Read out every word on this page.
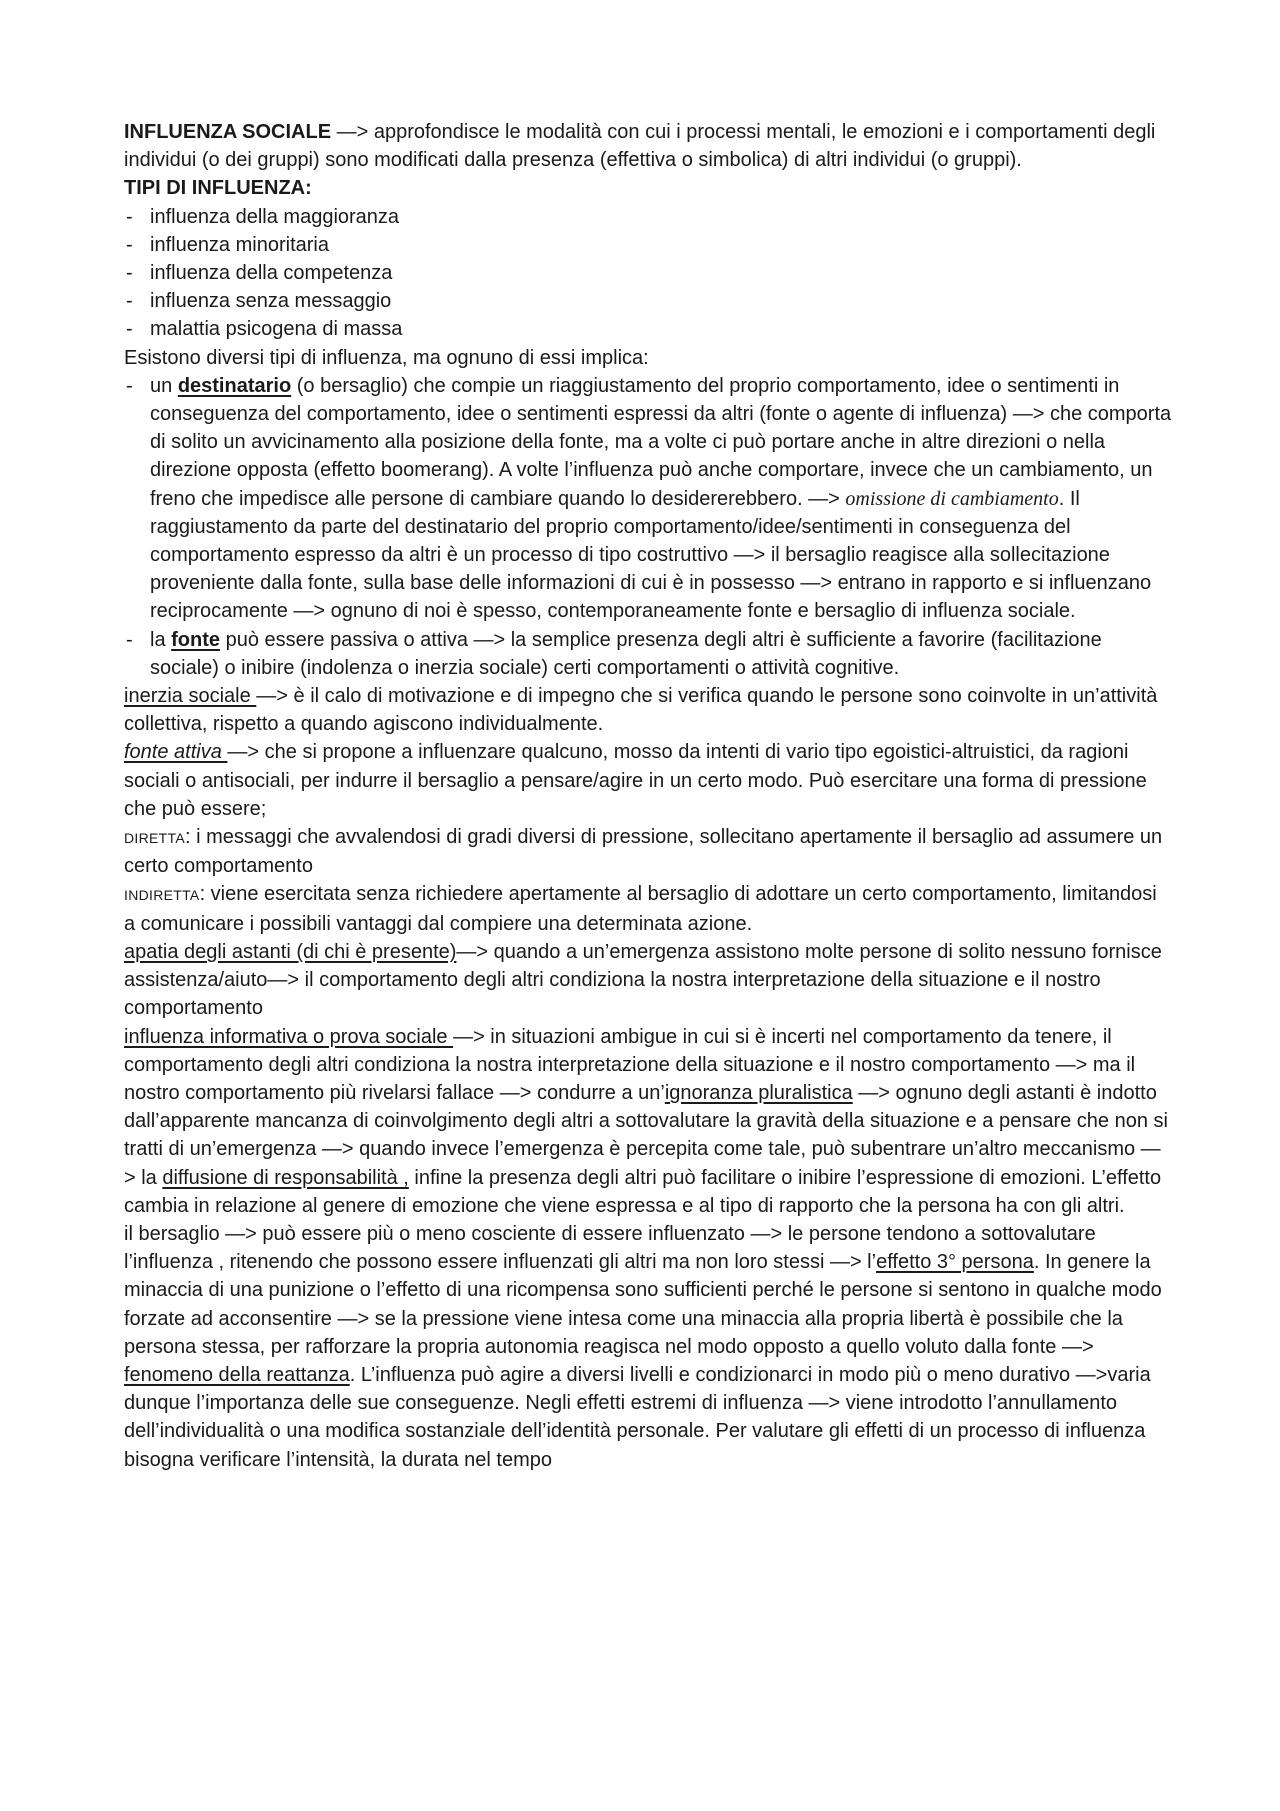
INFLUENZA SOCIALE —> approfondisce le modalità con cui i processi mentali, le emozioni e i comportamenti degli individui (o dei gruppi) sono modificati dalla presenza (effettiva o simbolica) di altri individui (o gruppi).

TIPI DI INFLUENZA:

- influenza della maggioranza
- influenza minoritaria
- influenza della competenza
- influenza senza messaggio
- malattia psicogena di massa

Esistono diversi tipi di influenza, ma ognuno di essi implica:

- un destinatario (o bersaglio) che compie un riaggiustamento del proprio comportamento, idee o sentimenti in conseguenza del comportamento, idee o sentimenti espressi da altri (fonte o agente di influenza) —> che comporta di solito un avvicinamento alla posizione della fonte, ma a volte ci può portare anche in altre direzioni o nella direzione opposta (effetto boomerang). A volte l’influenza può anche comportare, invece che un cambiamento, un freno che impedisce alle persone di cambiare quando lo desidererebbero. —> omissione di cambiamento. Il raggiustamento da parte del destinatario del proprio comportamento/idee/sentimenti in conseguenza del comportamento espresso da altri è un processo di tipo costruttivo —> il bersaglio reagisce alla sollecitazione proveniente dalla fonte, sulla base delle informazioni di cui è in possesso —> entrano in rapporto e si influenzano reciprocamente —> ognuno di noi è spesso, contemporaneamente fonte e bersaglio di influenza sociale.
- la fonte può essere passiva o attiva —> la semplice presenza degli altri è sufficiente a favorire (facilitazione sociale) o inibire (indolenza o inerzia sociale) certi comportamenti o attività cognitive.

inerzia sociale —> è il calo di motivazione e di impegno che si verifica quando le persone sono coinvolte in un’attività collettiva, rispetto a quando agiscono individualmente.

fonte attiva —> che si propone a influenzare qualcuno, mosso da intenti di vario tipo egoistici-altruistici, da ragioni sociali o antisociali, per indurre il bersaglio a pensare/agire in un certo modo. Può esercitare una forma di pressione che può essere;

DIRETTA: i messaggi che avvalendosi di gradi diversi di pressione, sollecitano apertamente il bersaglio ad assumere un certo comportamento

INDIRETTA: viene esercitata senza richiedere apertamente al bersaglio di adottare un certo comportamento, limitandosi a comunicare i possibili vantaggi dal compiere una determinata azione.

apatia degli astanti (di chi è presente)—> quando a un’emergenza assistono molte persone di solito nessuno fornisce assistenza/aiuto—> il comportamento degli altri condiziona la nostra interpretazione della situazione e il nostro comportamento

influenza informativa o prova sociale —> in situazioni ambigue in cui si è incerti nel comportamento da tenere, il comportamento degli altri condiziona la nostra interpretazione della situazione e il nostro comportamento —> ma il nostro comportamento più rivelarsi fallace —> condurre a un’ignoranza pluralistica —> ognuno degli astanti è indotto dall’apparente mancanza di coinvolgimento degli altri a sottovalutare la gravità della situazione e a pensare che non si tratti di un’emergenza —> quando invece l’emergenza è percepita come tale, può subentrare un’altro meccanismo —> la diffusione di responsabilità , infine la presenza degli altri può facilitare o inibire l’espressione di emozioni. L’effetto cambia in relazione al genere di emozione che viene espressa e al tipo di rapporto che la persona ha con gli altri.

il bersaglio —> può essere più o meno cosciente di essere influenzato —> le persone tendono a sottovalutare l’influenza , ritenendo che possono essere influenzati gli altri ma non loro stessi —> l’effetto 3° persona. In genere la minaccia di una punizione o l’effetto di una ricompensa sono sufficienti perché le persone si sentono in qualche modo forzate ad acconsentire —> se la pressione viene intesa come una minaccia alla propria libertà è possibile che la persona stessa, per rafforzare la propria autonomia reagisca nel modo opposto a quello voluto dalla fonte —> fenomeno della reattanza. L’influenza può agire a diversi livelli e condizionarci in modo più o meno durativo —>varia dunque l’importanza delle sue conseguenze. Negli effetti estremi di influenza —> viene introdotto l’annullamento dell’individualità o una modifica sostanziale dell’identità personale. Per valutare gli effetti di un processo di influenza bisogna verificare l’intensità, la durata nel tempo
